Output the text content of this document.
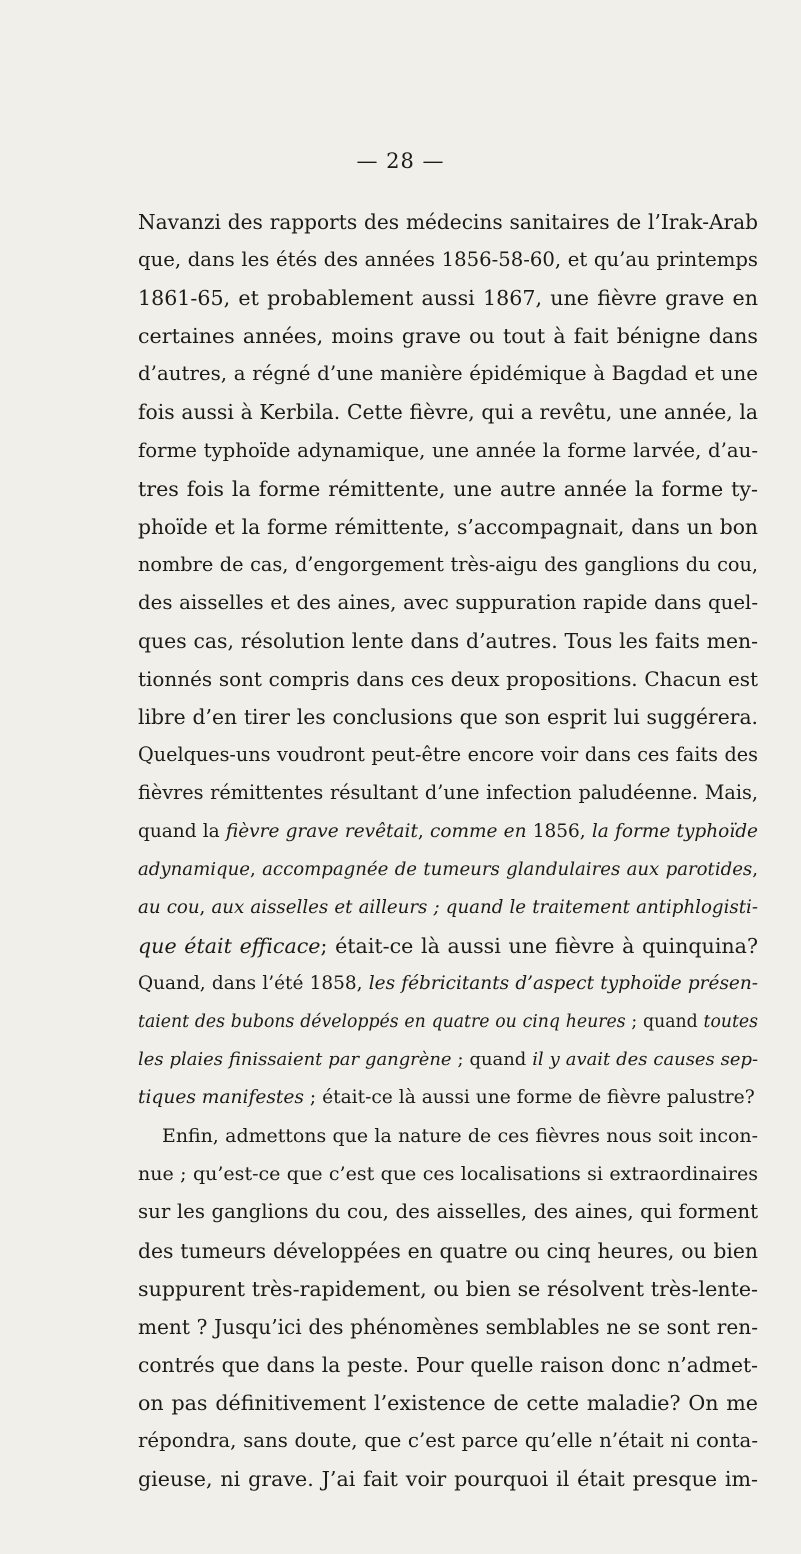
— 28 —
Navanzi des rapports des médecins sanitaires de l’Irak-Arab
que, dans les étés des années 1856-58-60, et qu’au printemps
1861-65, et probablement aussi 1867, une fièvre grave en
certaines années, moins grave ou tout à fait bénigne dans
d’autres, a régné d’une manière épidémique à Bagdad et une
fois aussi à Kerbila. Cette fièvre, qui a revêtu, une année, la
forme typhoïde adynamique, une année la forme larvée, d’au-
tres fois la forme rémittente, une autre année la forme ty-
phoïde et la forme rémittente, s’accompagnait, dans un bon
nombre de cas, d’engorgement très-aigu des ganglions du cou,
des aisselles et des aines, avec suppuration rapide dans quel-
ques cas, résolution lente dans d’autres. Tous les faits men-
tionnés sont compris dans ces deux propositions. Chacun est
libre d’en tirer les conclusions que son esprit lui suggérera.
Quelques-uns voudront peut-être encore voir dans ces faits des
fièvres rémittentes résultant d’une infection paludéenne. Mais,
quand la fièvre grave revêtait, comme en 1856, la forme typhoïde
adynamique, accompagnée de tumeurs glandulaires aux parotides,
au cou, aux aisselles et ailleurs ; quand le traitement antiphlogisti-
que était efficace; était-ce là aussi une fièvre à quinquina?
Quand, dans l’été 1858, les fébricitants d’aspect typhoïde présen-
taient des bubons développés en quatre ou cinq heures ; quand toutes
les plaies finissaient par gangrène ; quand il y avait des causes sep-
tiques manifestes ; était-ce là aussi une forme de fièvre palustre?
Enfin, admettons que la nature de ces fièvres nous soit incon-
nue ; qu’est-ce que c’est que ces localisations si extraordinaires
sur les ganglions du cou, des aisselles, des aines, qui forment
des tumeurs développées en quatre ou cinq heures, ou bien
suppurent très-rapidement, ou bien se résolvent très-lente-
ment ? Jusqu’ici des phénomènes semblables ne se sont ren-
contrés que dans la peste. Pour quelle raison donc n’admet-
on pas définitivement l’existence de cette maladie? On me
répondra, sans doute, que c’est parce qu’elle n’était ni conta-
gieuse, ni grave. J’ai fait voir pourquoi il était presque im-
